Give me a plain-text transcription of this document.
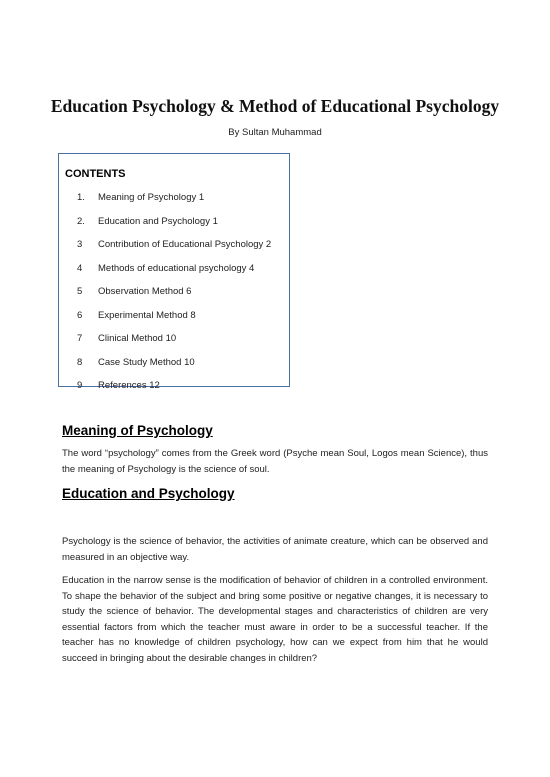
Education Psychology & Method of Educational Psychology
By Sultan Muhammad
CONTENTS
1. Meaning of Psychology 1
2. Education and Psychology 1
3 Contribution of Educational Psychology 2
4 Methods of educational psychology 4
5 Observation Method 6
6 Experimental Method 8
7 Clinical Method 10
8 Case Study Method 10
9 References 12
Meaning of Psychology

The word “psychology” comes from the Greek word (Psyche mean Soul, Logos mean Science), thus the meaning of Psychology is the science of soul.

Education and Psychology

Psychology is the science of behavior, the activities of animate creature, which can be observed and measured in an objective way.

Education in the narrow sense is the modification of behavior of children in a controlled environment. To shape the behavior of the subject and bring some positive or negative changes, it is necessary to study the science of behavior. The developmental stages and characteristics of children are very essential factors from which the teacher must aware in order to be a successful teacher. If the teacher has no knowledge of children psychology, how can we expect from him that he would succeed in bringing about the desirable changes in children?
